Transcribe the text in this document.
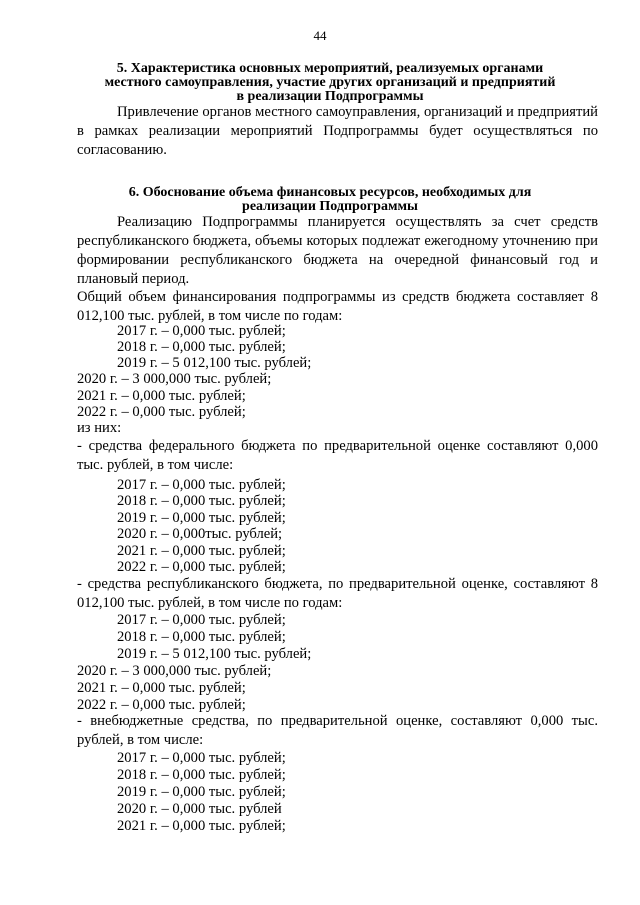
44
5. Характеристика основных мероприятий, реализуемых органами
местного самоуправления, участие других организаций и предприятий
в реализации Подпрограммы
Привлечение органов местного самоуправления, организаций и предприятий в рамках реализации мероприятий Подпрограммы будет осуществляться по согласованию.
6. Обоснование объема финансовых ресурсов, необходимых для
реализации Подпрограммы
Реализацию Подпрограммы планируется осуществлять за счет средств республиканского бюджета, объемы которых подлежат ежегодному уточнению при формировании республиканского бюджета на очередной финансовый год и плановый период.
Общий объем финансирования подпрограммы из средств бюджета составляет 8 012,100 тыс. рублей, в том числе по годам:
2017 г. – 0,000 тыс. рублей;
2018 г. – 0,000 тыс. рублей;
2019 г. – 5 012,100 тыс. рублей;
2020 г. – 3 000,000 тыс. рублей;
2021 г. – 0,000 тыс. рублей;
2022 г. – 0,000 тыс. рублей;
из них:
- средства федерального бюджета по предварительной оценке составляют 0,000 тыс. рублей, в том числе:
2017 г. – 0,000 тыс. рублей;
2018 г. – 0,000 тыс. рублей;
2019 г. – 0,000 тыс. рублей;
2020 г. – 0,000тыс. рублей;
2021 г. – 0,000 тыс. рублей;
2022 г. – 0,000 тыс. рублей;
- средства республиканского бюджета, по предварительной оценке, составляют 8 012,100 тыс. рублей, в том числе по годам:
2017 г. – 0,000 тыс. рублей;
2018 г. – 0,000 тыс. рублей;
2019 г. – 5 012,100 тыс. рублей;
2020 г. – 3 000,000 тыс. рублей;
2021 г. – 0,000 тыс. рублей;
2022 г. – 0,000 тыс. рублей;
- внебюджетные средства, по предварительной оценке, составляют 0,000 тыс. рублей, в том числе:
2017 г. – 0,000 тыс. рублей;
2018 г. – 0,000 тыс. рублей;
2019 г. – 0,000 тыс. рублей;
2020 г. – 0,000 тыс. рублей
2021 г. – 0,000 тыс. рублей;
